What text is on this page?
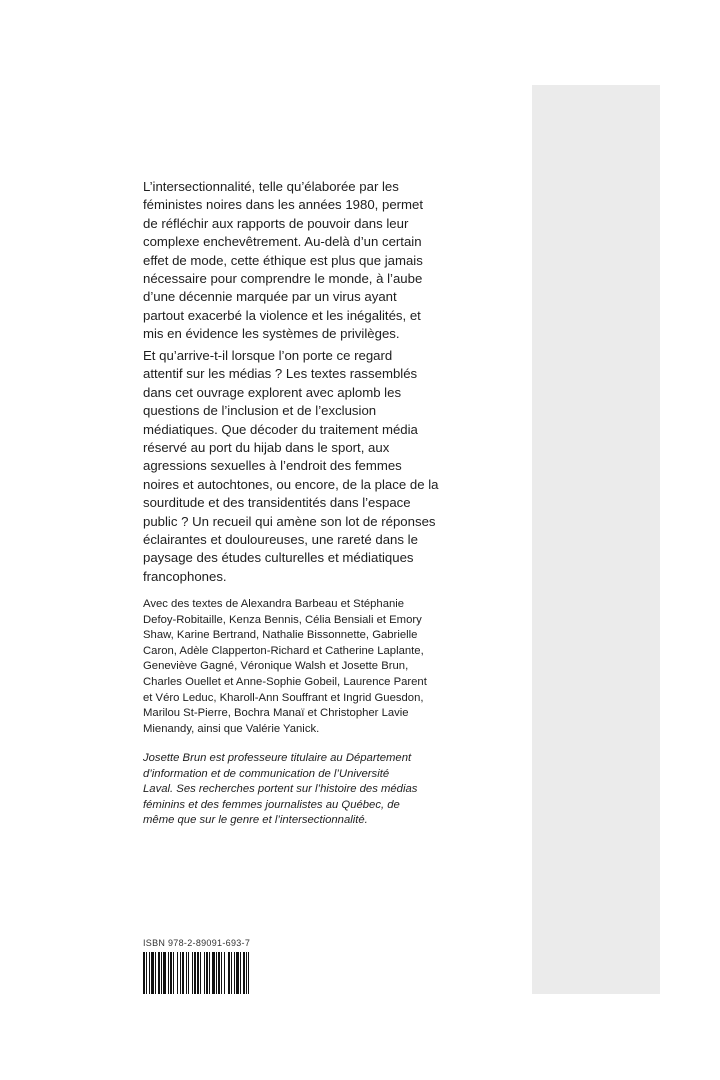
L’intersectionnalité, telle qu’élaborée par les
féministes noires dans les années 1980, permet
de réfléchir aux rapports de pouvoir dans leur
complexe enchevêtrement. Au-delà d’un certain
effet de mode, cette éthique est plus que jamais
nécessaire pour comprendre le monde, à l’aube
d’une décennie marquée par un virus ayant
partout exacerbé la violence et les inégalités, et
mis en évidence les systèmes de privilèges.

Et qu’arrive-t-il lorsque l’on porte ce regard
attentif sur les médias ? Les textes rassemblés
dans cet ouvrage explorent avec aplomb les
questions de l’inclusion et de l’exclusion
médiatiques. Que décoder du traitement média
réservé au port du hijab dans le sport, aux
agressions sexuelles à l’endroit des femmes
noires et autochtones, ou encore, de la place de la
sourditude et des transidentités dans l’espace
public ? Un recueil qui amène son lot de réponses
éclairantes et douloureuses, une rareté dans le
paysage des études culturelles et médiatiques
francophones.

Avec des textes de Alexandra Barbeau et Stéphanie
Defoy-Robitaille, Kenza Bennis, Célia Bensiali et Emory
Shaw, Karine Bertrand, Nathalie Bissonnette, Gabrielle
Caron, Adèle Clapperton-Richard et Catherine Laplante,
Geneviève Gagné, Véronique Walsh et Josette Brun,
Charles Ouellet et Anne-Sophie Gobeil, Laurence Parent
et Véro Leduc, Kharoll-Ann Souffrant et Ingrid Guesdon,
Marilou St-Pierre, Bochra Manaï et Christopher Lavie
Mienandy, ainsi que Valérie Yanick.

Josette Brun est professeure titulaire au Département
d’information et de communication de l’Université
Laval. Ses recherches portent sur l’histoire des médias
féminins et des femmes journalistes au Québec, de
même que sur le genre et l’intersectionnalité.

ISBN 978-2-89091-693-7
